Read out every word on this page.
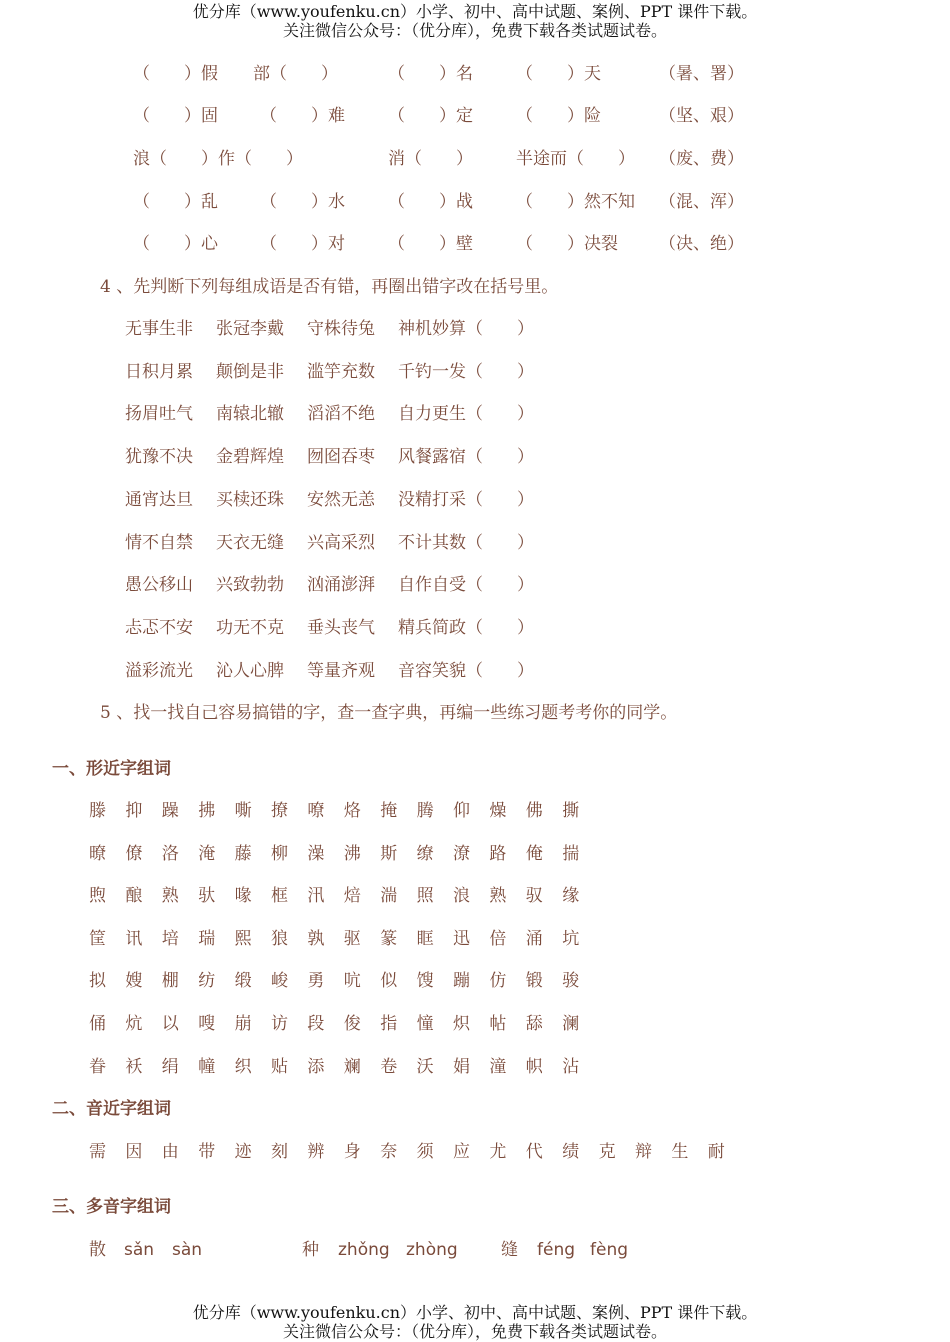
优分库（www.youfenku.cn）小学、初中、高中试题、案例、PPT 课件下载。
关注微信公众号：（优分库），免费下载各类试题试卷。
（　　）假 部（　　）	（　　）名	（　　）天	（暑、署）
（　　）固 （　　）难	（　　）定	（　　）险	（坚、艰）
浪（　　）作（　　）	消（　　）	半途而（　　） （废、费）
（　　）乱 （　　）水	（　　）战	（　　）然不知 （混、浑）
（　　）心 （　　）对	（　　）壁	（　　）决裂 （决、绝）
4 、先判断下列每组成语是否有错，再圈出错字改在括号里。
无事生非 张冠李戴 守株待兔 神机妙算（　　）
日积月累 颠倒是非 滥竽充数 千钓一发（　　）
扬眉吐气 南辕北辙 滔滔不绝 自力更生（　　）
犹豫不决 金碧辉煌 囫囵吞枣 风餐露宿（　　）
通宵达旦 买椟还珠 安然无恙 没精打采（　　）
情不自禁 天衣无缝 兴高采烈 不计其数（　　）
愚公移山 兴致勃勃 汹涌澎湃 自作自受（　　）
忐忑不安 功无不克 垂头丧气 精兵简政（　　）
溢彩流光 沁人心脾 等量齐观 音容笑貌（　　）
5 、找一找自己容易搞错的字，查一查字典，再编一些练习题考考你的同学。
一、形近字组词
滕 抑 躁 拂 嘶 撩 嘹 烙 掩 腾 仰 燥 佛 撕
暸 僚 洛 淹 藤 柳 澡 沸 斯 缭 潦 路 俺 揣
煦 酿 熟 驮 喙 框 汛 焙 湍 照 浪 熟 驭 缘
筐 讯 培 瑞 熙 狼 孰 驱 篆 眶 迅 倍 涌 坑
拟 嫂 棚 纺 缎 峻 勇 吭 似 馊 蹦 仿 锻 骏
俑 炕 以 嗖 崩 访 段 俊 指 憧 炽 帖 舔 澜
眷 袄 绢 幢 织 贴 添 斓 卷 沃 娟 潼 帜 沾
二、音近字组词
需 因 由 带 迹 刻 辨 身 奈 须 应 尤 代 绩 克 辩 生 耐
三、多音字组词
散 sǎn sàn	种 zhǒng zhòng	缝 féng fèng
优分库（www.youfenku.cn）小学、初中、高中试题、案例、PPT 课件下载。
关注微信公众号：（优分库），免费下载各类试题试卷。
